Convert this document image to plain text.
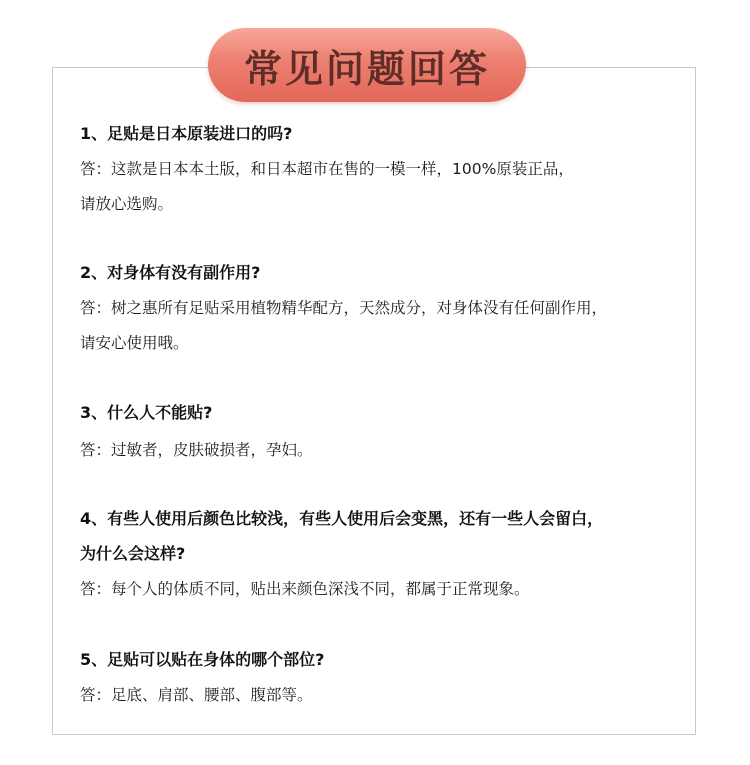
常见问题回答
1、足贴是日本原装进口的吗?
答：这款是日本本土版，和日本超市在售的一模一样，100%原装正品，
请放心选购。
2、对身体有没有副作用?
答：树之惠所有足贴采用植物精华配方，天然成分，对身体没有任何副作用，
请安心使用哦。
3、什么人不能贴?
答：过敏者，皮肤破损者，孕妇。
4、有些人使用后颜色比较浅，有些人使用后会变黑，还有一些人会留白，
为什么会这样?
答：每个人的体质不同，贴出来颜色深浅不同，都属于正常现象。
5、足贴可以贴在身体的哪个部位?
答：足底、肩部、腰部、腹部等。
